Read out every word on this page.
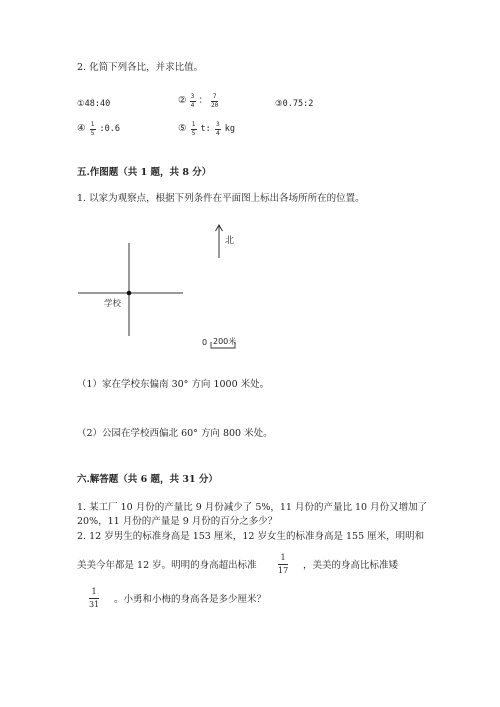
2. 化简下列各比，并求比值。
①48:40	② $\frac{3}{4}$ ： $\frac{7}{20}$	③0.75:2
④ $\frac{1}{5}$ :0.6	⑤ $\frac{1}{5} t$: $\frac{3}{4}$ kg
五.作图题（共 1 题，共 8 分）
1. 以家为观察点，根据下列条件在平面图上标出各场所所在的位置。
北
学校
0 200米
（1）家在学校东偏南 30° 方向 1000 米处。
（2）公园在学校西偏北 60° 方向 800 米处。
六.解答题（共 6 题，共 31 分）
1. 某工厂 10 月份的产量比 9 月份减少了 5%，11 月份的产量比 10 月份又增加了
20%，11 月份的产量是 9 月份的百分之多少？
2. 12 岁男生的标准身高是 153 厘米，12 岁女生的标准身高是 155 厘米，明明和
美美今年都是 12 岁。明明的身高超出标准
1
17 ，美美的身高比标准矮
1
31 。小勇和小梅的身高各是多少厘米？
